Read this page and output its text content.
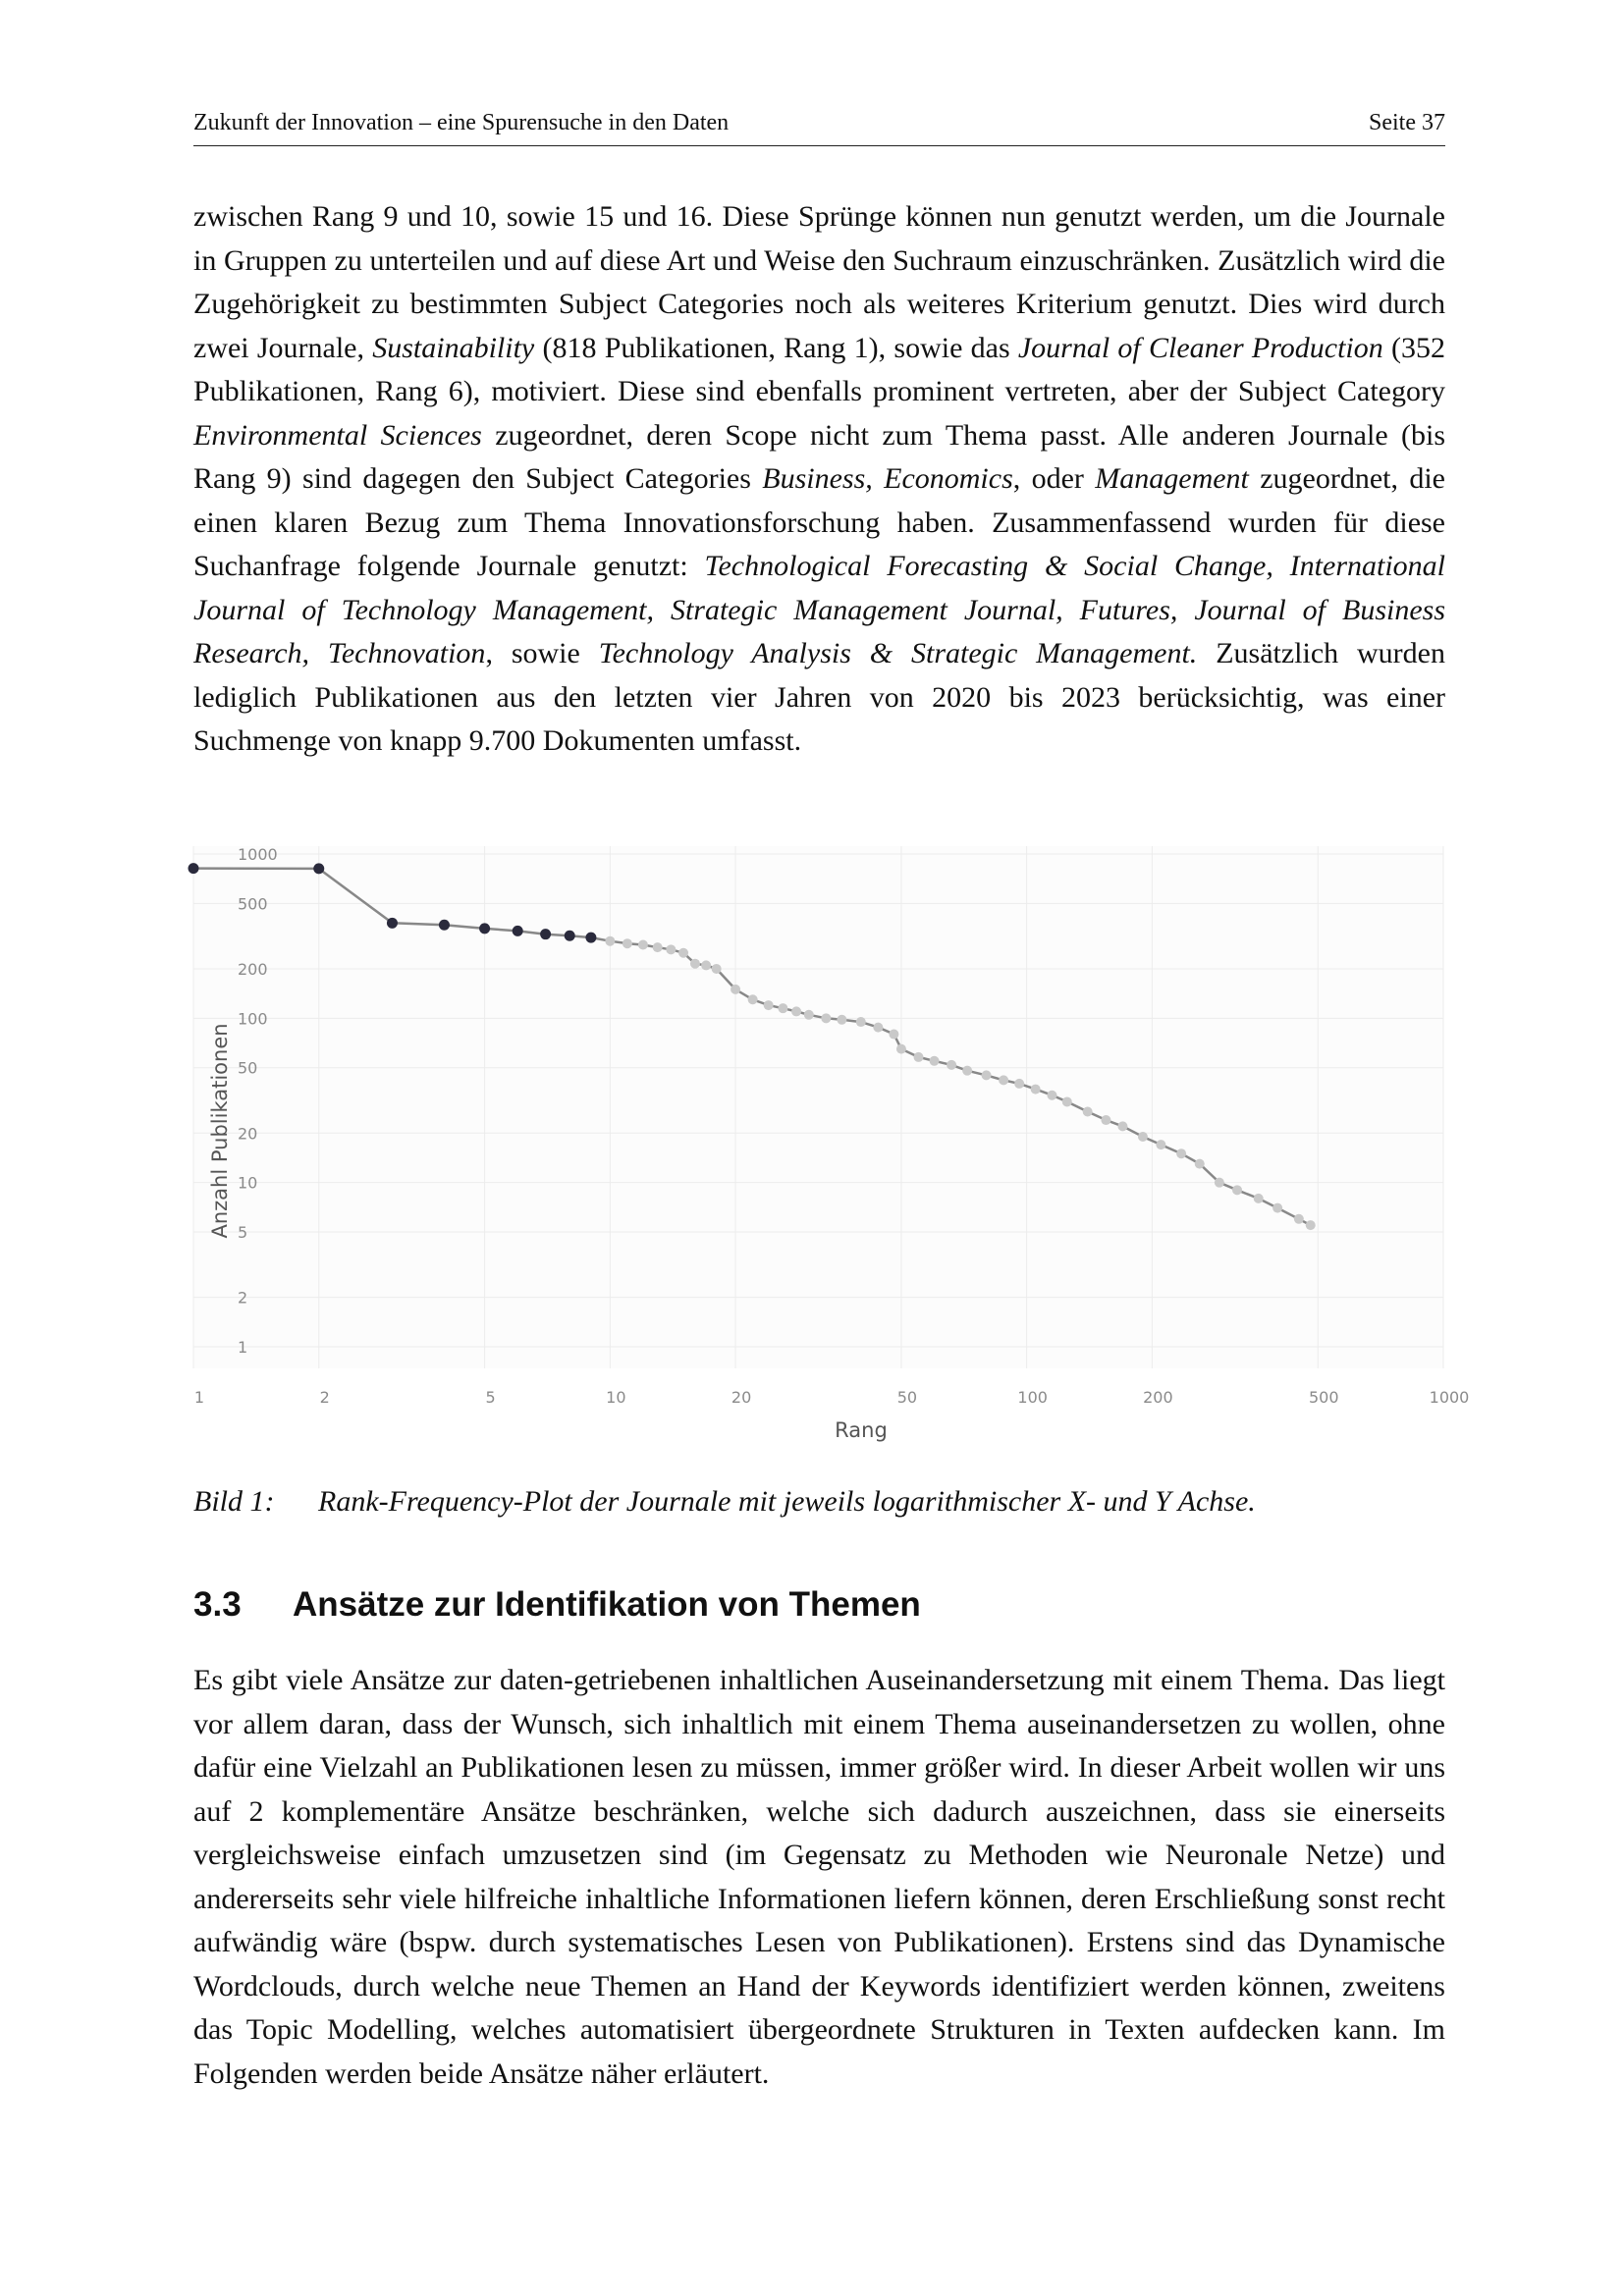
Zukunft der Innovation – eine Spurensuche in den Daten	Seite 37

zwischen Rang 9 und 10, sowie 15 und 16. Diese Sprünge können nun genutzt werden, um die Journale in Gruppen zu unterteilen und auf diese Art und Weise den Suchraum einzuschränken. Zusätzlich wird die Zugehörigkeit zu bestimmten Subject Categories noch als weiteres Kriterium genutzt. Dies wird durch zwei Journale, Sustainability (818 Publikationen, Rang 1), sowie das Journal of Cleaner Production (352 Publikationen, Rang 6), motiviert. Diese sind ebenfalls prominent vertreten, aber der Subject Category Environmental Sciences zugeordnet, deren Scope nicht zum Thema passt. Alle anderen Journale (bis Rang 9) sind dagegen den Subject Categories Business, Economics, oder Management zugeordnet, die einen klaren Bezug zum Thema Innovationsforschung haben. Zusammenfassend wurden für diese Suchanfrage folgende Journale genutzt: Technological Forecasting & Social Change, International Journal of Technology Management, Strategic Management Journal, Futures, Journal of Business Research, Technovation, sowie Technology Analysis & Strategic Management. Zusätzlich wurden lediglich Publikationen aus den letzten vier Jahren von 2020 bis 2023 berücksichtig, was einer Suchmenge von knapp 9.700 Dokumenten umfasst.

1
2
5
10
20
50
100
200
500
1000
1	2	5	10	20	50	100	200	500	1000
Rang
Anzahl Publikationen
Bild 1:	Rank-Frequency-Plot der Journale mit jeweils logarithmischer X- und Y Achse.
3.3	Ansätze zur Identifikation von Themen

Es gibt viele Ansätze zur daten-getriebenen inhaltlichen Auseinandersetzung mit einem Thema. Das liegt vor allem daran, dass der Wunsch, sich inhaltlich mit einem Thema auseinandersetzen zu wollen, ohne dafür eine Vielzahl an Publikationen lesen zu müssen, immer größer wird. In dieser Arbeit wollen wir uns auf 2 komplementäre Ansätze beschränken, welche sich dadurch auszeichnen, dass sie einerseits vergleichsweise einfach umzusetzen sind (im Gegensatz zu Methoden wie Neuronale Netze) und andererseits sehr viele hilfreiche inhaltliche Informationen liefern können, deren Erschließung sonst recht aufwändig wäre (bspw. durch systematisches Lesen von Publikationen). Erstens sind das Dynamische Wordclouds, durch welche neue Themen an Hand der Keywords identifiziert werden können, zweitens das Topic Modelling, welches automatisiert übergeordnete Strukturen in Texten aufdecken kann. Im Folgenden werden beide Ansätze näher erläutert.
